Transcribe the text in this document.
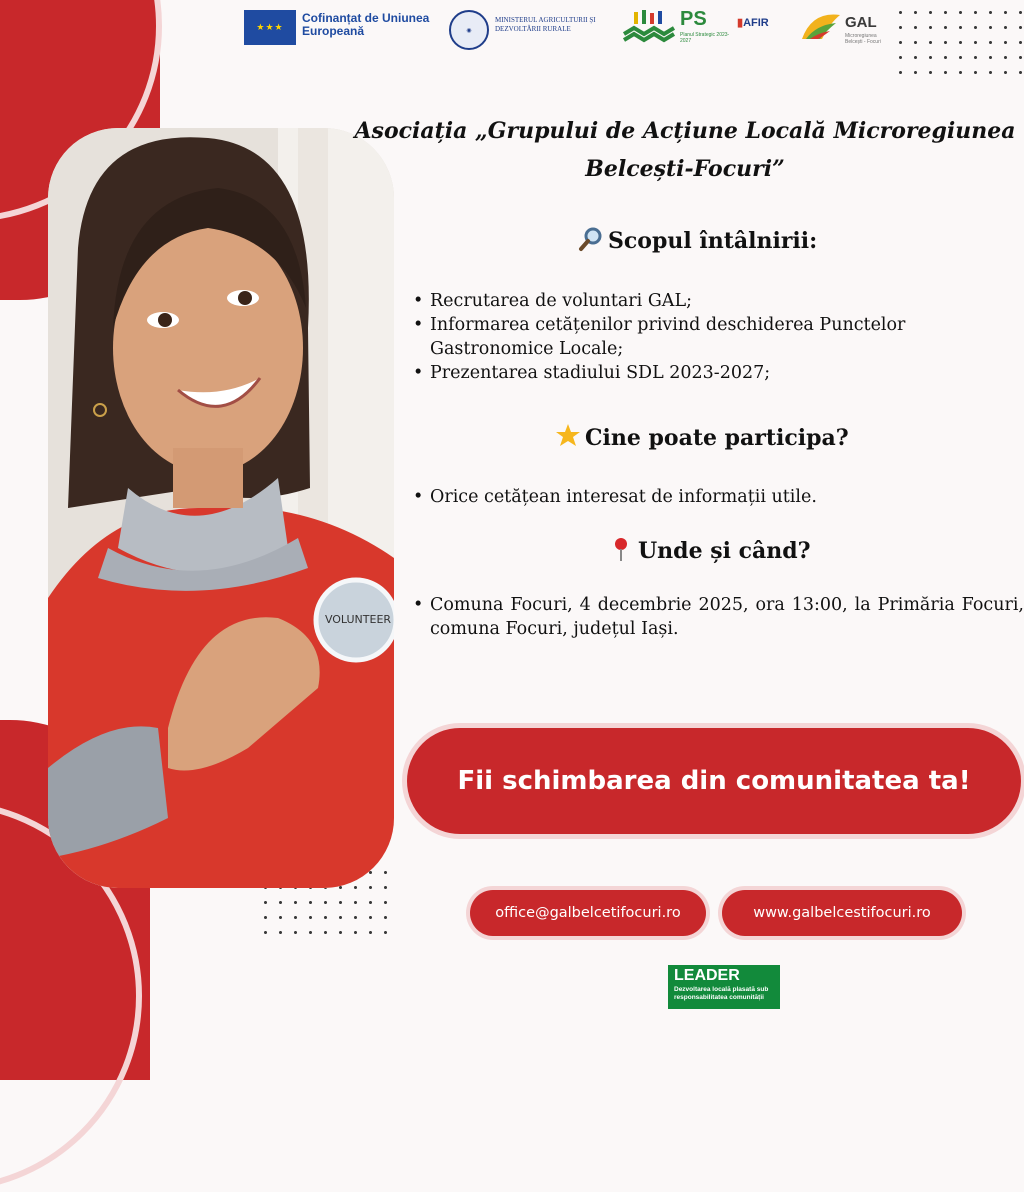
★★★
Cofinanțat de Uniunea Europeană	◉
MINISTERUL AGRICULTURII ȘI DEZVOLTĂRII RURALE	PS
Planul Strategic 2023-2027
▮AFIR	GAL
Microregiunea Belcești - Focuri
VOLUNTEER
Asociația „Grupului de Acțiune Locală Microregiunea Belcești-Focuri”
Scopul întâlnirii:
• Recrutarea de voluntari GAL;
• Informarea cetățenilor privind deschiderea Punctelor Gastronomice Locale;
• Prezentarea stadiului SDL 2023-2027;
Cine poate participa?
• Orice cetățean interesat de informații utile.
Unde și când?
• Comuna Focuri, 4 decembrie 2025, ora 13:00, la Primăria Focuri, comuna Focuri, județul Iași.
Fii schimbarea din comunitatea ta!
office@galbelcetifocuri.ro	www.galbelcestifocuri.ro
LEADER
Dezvoltarea locală plasată sub responsabilitatea comunității
